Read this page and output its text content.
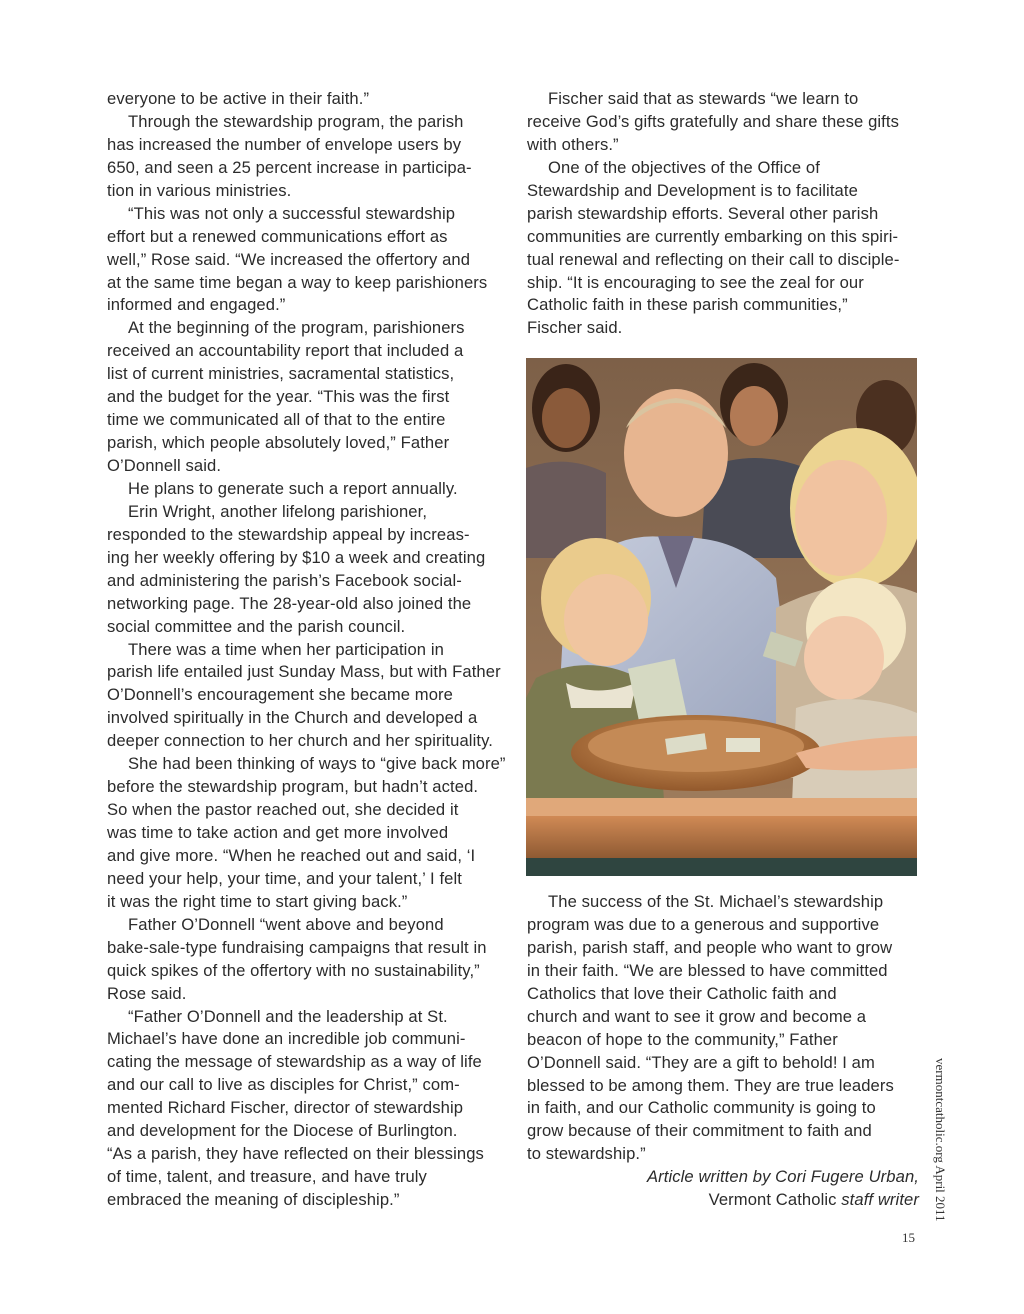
everyone to be active in their faith.”
Through the stewardship program, the parish
has increased the number of envelope users by
650, and seen a 25 percent increase in participa-
tion in various ministries.
“This was not only a successful stewardship
effort but a renewed communications effort as
well,” Rose said. “We increased the offertory and
at the same time began a way to keep parishioners
informed and engaged.”
At the beginning of the program, parishioners
received an accountability report that included a
list of current ministries, sacramental statistics,
and the budget for the year. “This was the first
time we communicated all of that to the entire
parish, which people absolutely loved,” Father
O’Donnell said.
He plans to generate such a report annually.
Erin Wright, another lifelong parishioner,
responded to the stewardship appeal by increas-
ing her weekly offering by $10 a week and creating
and administering the parish’s Facebook social-
networking page. The 28-year-old also joined the
social committee and the parish council.
There was a time when her participation in
parish life entailed just Sunday Mass, but with Father
O’Donnell’s encouragement she became more
involved spiritually in the Church and developed a
deeper connection to her church and her spirituality.
She had been thinking of ways to “give back more”
before the stewardship program, but hadn’t acted.
So when the pastor reached out, she decided it
was time to take action and get more involved
and give more. “When he reached out and said, ‘I
need your help, your time, and your talent,’ I felt
it was the right time to start giving back.”
Father O’Donnell “went above and beyond
bake-sale-type fundraising campaigns that result in
quick spikes of the offertory with no sustainability,”
Rose said.
“Father O’Donnell and the leadership at St.
Michael’s have done an incredible job communi-
cating the message of stewardship as a way of life
and our call to live as disciples for Christ,” com-
mented Richard Fischer, director of stewardship
and development for the Diocese of Burlington.
“As a parish, they have reflected on their blessings
of time, talent, and treasure, and have truly
embraced the meaning of discipleship.”
Fischer said that as stewards “we learn to
receive God’s gifts gratefully and share these gifts
with others.”
One of the objectives of the Office of
Stewardship and Development is to facilitate
parish stewardship efforts. Several other parish
communities are currently embarking on this spiri-
tual renewal and reflecting on their call to disciple-
ship. “It is encouraging to see the zeal for our
Catholic faith in these parish communities,”
Fischer said.
The success of the St. Michael’s stewardship
program was due to a generous and supportive
parish, parish staff, and people who want to grow
in their faith. “We are blessed to have committed
Catholics that love their Catholic faith and
church and want to see it grow and become a
beacon of hope to the community,” Father
O’Donnell said. “They are a gift to behold! I am
blessed to be among them. They are true leaders
in faith, and our Catholic community is going to
grow because of their commitment to faith and
to stewardship.”
Article written by Cori Fugere Urban,
Vermont Catholic staff writer vermontcatholic.org April 2011
15
